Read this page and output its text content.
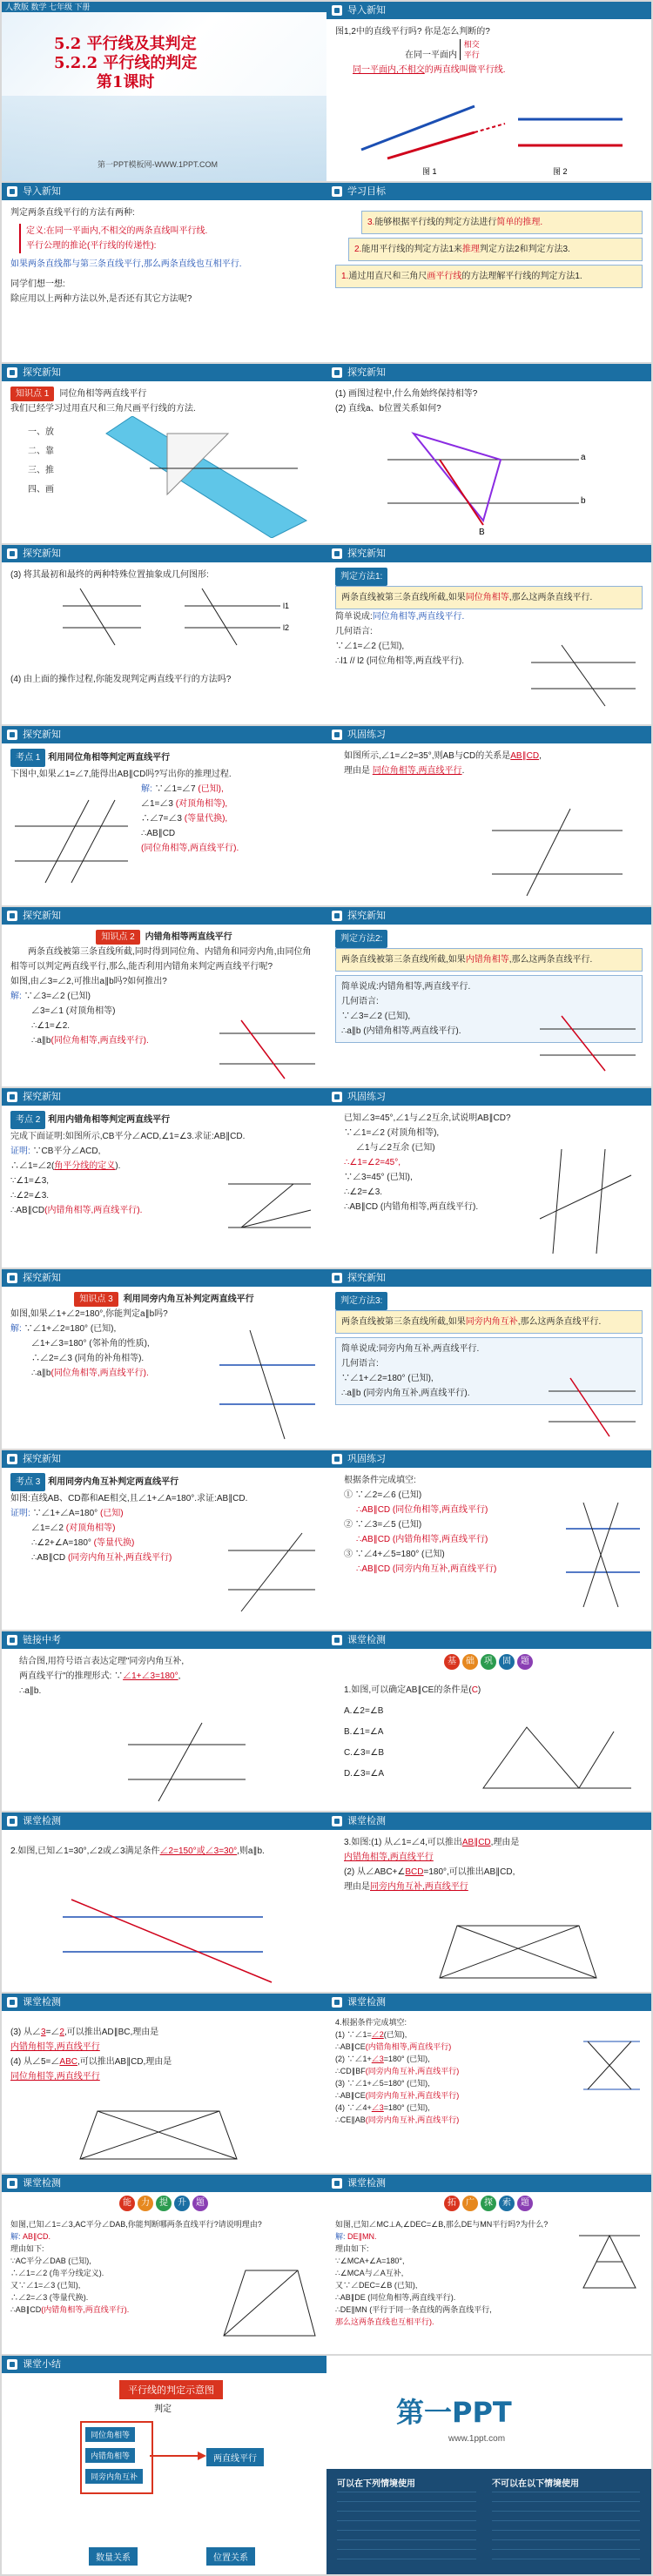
人教版 数学 七年级 下册
5.2 平行线及其判定
5.2.2 平行线的判定
第1课时
第一PPT模板网-WWW.1PPT.COM
导入新知
图1,2中的直线平行吗? 你是怎么判断的?
在同一平面内 相交
平行
同一平面内,不相交的两直线叫做平行线.
图 1	图 2
导入新知
判定两条直线平行的方法有两种:
定义:在同一平面内,不相交的两条直线叫平行线.
平行公理的推论(平行线的传递性):
如果两条直线都与第三条直线平行,那么两条直线也互相平行.
同学们想一想:
除应用以上两种方法以外,是否还有其它方法呢?
学习目标
3.能够根据平行线的判定方法进行简单的推理.
2.能用平行线的判定方法1来推理判定方法2和判定方法3.
1.通过用直尺和三角尺画平行线的方法理解平行线的判定方法1.
探究新知
知识点 1 同位角相等两直线平行
我们已经学习过用直尺和三角尺画平行线的方法.
一、放
二、靠
三、推
四、画
探究新知
(1) 画图过程中,什么角始终保持相等?
(2) 直线a、b位置关系如何?
a
b
B
探究新知
(3) 将其最初和最终的两种特殊位置抽象成几何图形:
l1
l2
(4) 由上面的操作过程,你能发现判定两直线平行的方法吗?
探究新知
判定方法1:
两条直线被第三条直线所截,如果同位角相等,那么这两条直线平行.
简单说成:同位角相等,两直线平行.
几何语言:
∵∠1=∠2 (已知),
∴l1 // l2 (同位角相等,两直线平行).
探究新知
考点 1 利用同位角相等判定两直线平行
下图中,如果∠1=∠7,能得出AB∥CD吗?写出你的推理过程.
解: ∵∠1=∠7 (已知),
∠1=∠3 (对顶角相等),
∴∠7=∠3 (等量代换),
∴AB∥CD
(同位角相等,两直线平行).
巩固练习
如图所示,∠1=∠2=35°,则AB与CD的关系是AB∥CD,
理由是 同位角相等,两直线平行.
探究新知
知识点 2 内错角相等两直线平行
两条直线被第三条直线所截,同时得到同位角、内错角和同旁内角,由同位角相等可以判定两直线平行,那么,能否利用内错角来判定两直线平行呢?
如图,由∠3=∠2,可推出a∥b吗?如何推出?
解: ∵∠3=∠2 (已知)
∠3=∠1 (对顶角相等)
∴∠1=∠2.
∴a∥b(同位角相等,两直线平行).
探究新知
判定方法2:
两条直线被第三条直线所截,如果内错角相等,那么这两条直线平行.
简单说成:内错角相等,两直线平行.
几何语言:
∵∠3=∠2 (已知),
∴a∥b (内错角相等,两直线平行).
探究新知
考点 2 利用内错角相等判定两直线平行
完成下面证明:如图所示,CB平分∠ACD,∠1=∠3.求证:AB∥CD.
证明: ∵CB平分∠ACD,
∴∠1=∠2(角平分线的定义).
∵∠1=∠3,
∴∠2=∠3.
∴AB∥CD(内错角相等,两直线平行).
巩固练习
已知∠3=45°,∠1与∠2互余,试说明AB∥CD?
∵∠1=∠2 (对顶角相等),
∠1与∠2互余 (已知)
∴∠1=∠2=45°,
∵∠3=45° (已知),
∴∠2=∠3.
∴AB∥CD (内错角相等,两直线平行).
探究新知
知识点 3 利用同旁内角互补判定两直线平行
如图,如果∠1+∠2=180°,你能判定a∥b吗?
解: ∵∠1+∠2=180° (已知),
∠1+∠3=180° (邻补角的性质),
∴∠2=∠3 (同角的补角相等).
∴a∥b(同位角相等,两直线平行).
探究新知
判定方法3:
两条直线被第三条直线所截,如果同旁内角互补,那么这两条直线平行.
简单说成:同旁内角互补,两直线平行.
几何语言:
∵∠1+∠2=180° (已知),
∴a∥b (同旁内角互补,两直线平行).
探究新知
考点 3 利用同旁内角互补判定两直线平行
如图:直线AB、CD都和AE相交,且∠1+∠A=180°.求证:AB∥CD.
证明: ∵∠1+∠A=180° (已知)
∠1=∠2 (对顶角相等)
∴∠2+∠A=180° (等量代换)
∴AB∥CD (同旁内角互补,两直线平行)
巩固练习
根据条件完成填空:
① ∵∠2=∠6 (已知)
∴AB∥CD (同位角相等,两直线平行)
② ∵∠3=∠5 (已知)
∴AB∥CD (内错角相等,两直线平行)
③ ∵∠4+∠5=180° (已知)
∴AB∥CD (同旁内角互补,两直线平行)
链接中考
结合图,用符号语言表达定理"同旁内角互补,
两直线平行"的推理形式: ∵∠1+∠3=180°,
∴a∥b.
课堂检测
基	础	巩	固	题
1.如图,可以确定AB∥CE的条件是(C)
A.∠2=∠B
B.∠1=∠A
C.∠3=∠B
D.∠3=∠A
课堂检测
2.如图,已知∠1=30°,∠2或∠3满足条件∠2=150°或∠3=30°,则a∥b.
课堂检测
3.如图:(1) 从∠1=∠4,可以推出AB∥CD,理由是
内错角相等,两直线平行
(2) 从∠ABC+∠BCD=180°,可以推出AB∥CD,
理由是同旁内角互补,两直线平行
课堂检测
(3) 从∠3=∠2,可以推出AD∥BC,理由是
内错角相等,两直线平行
(4) 从∠5=∠ABC,可以推出AB∥CD,理由是
同位角相等,两直线平行
课堂检测
4.根据条件完成填空:
(1) ∵∠1=∠2(已知),
∴AB∥CE(内错角相等,两直线平行)
(2) ∵∠1+∠3=180° (已知),
∴CD∥BF(同旁内角互补,两直线平行)
(3) ∵∠1+∠5=180° (已知),
∴AB∥CE(同旁内角互补,两直线平行)
(4) ∵∠4+∠3=180° (已知),
∴CE∥AB(同旁内角互补,两直线平行)
课堂检测
能	力	提	升	题
如图,已知∠1=∠3,AC平分∠DAB,你能判断哪两条直线平行?请说明理由?
解: AB∥CD.
理由如下:
∵AC平分∠DAB (已知),
∴∠1=∠2 (角平分线定义).
又∵∠1=∠3 (已知),
∴∠2=∠3 (等量代换).
∴AB∥CD(内错角相等,两直线平行).
课堂检测
拓	广	探	索	题
如图,已知∠MC⊥A,∠DEC=∠B,那么DE与MN平行吗?为什么?
解: DE∥MN.
理由如下:
∵∠MCA+∠A=180°,
∴∠MCA与∠A互补,
又∵∠DEC=∠B (已知),
∴AB∥DE (同位角相等,两直线平行).
∴DE∥MN (平行于同一条直线的两条直线平行,
那么这两条直线也互相平行).
课堂小结
平行线的判定示意图
判定
同位角相等
内错角相等
同旁内角互补
两直线平行
数量关系	位置关系
第一PPT
www.1ppt.com
可以在下列情境使用	不可以在以下情境使用
